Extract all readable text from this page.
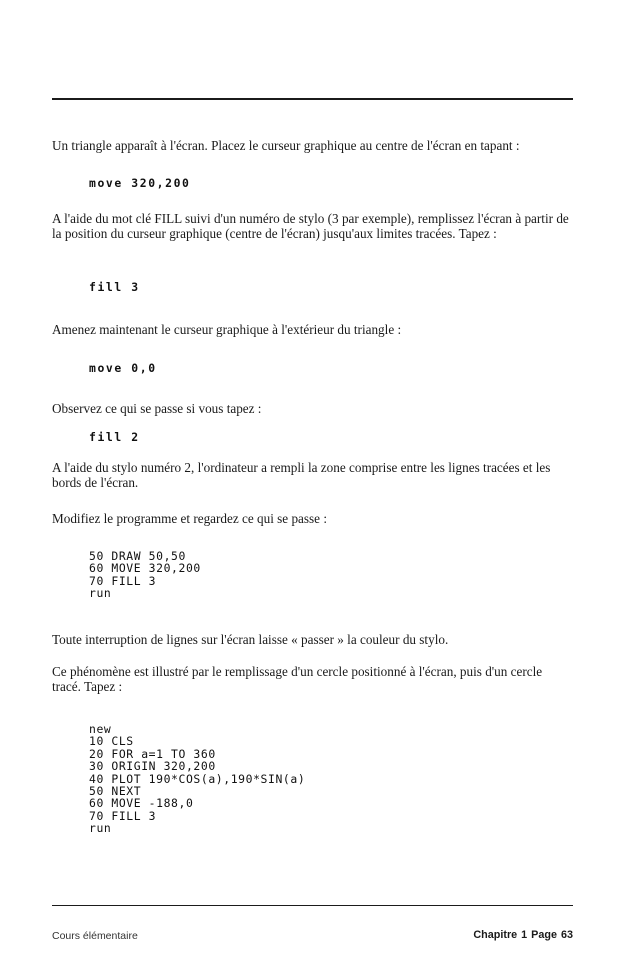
Un triangle apparaît à l'écran. Placez le curseur graphique au centre de l'écran en tapant :

move 320,200

A l'aide du mot clé FILL suivi d'un numéro de stylo (3 par exemple), remplissez l'écran à partir de la position du curseur graphique (centre de l'écran) jusqu'aux limites tracées. Tapez :

fill 3

Amenez maintenant le curseur graphique à l'extérieur du triangle :

move 0,0

Observez ce qui se passe si vous tapez :

fill 2

A l'aide du stylo numéro 2, l'ordinateur a rempli la zone comprise entre les lignes tracées et les bords de l'écran.

Modifiez le programme et regardez ce qui se passe :

50 DRAW 50,50
60 MOVE 320,200
70 FILL 3
run

Toute interruption de lignes sur l'écran laisse « passer » la couleur du stylo.

Ce phénomène est illustré par le remplissage d'un cercle positionné à l'écran, puis d'un cercle tracé. Tapez :

new
10 CLS
20 FOR a=1 TO 360
30 ORIGIN 320,200
40 PLOT 190*COS(a),190*SIN(a)
50 NEXT
60 MOVE -188,0
70 FILL 3
run

Cours élémentaire	Chapitre 1 Page 63
